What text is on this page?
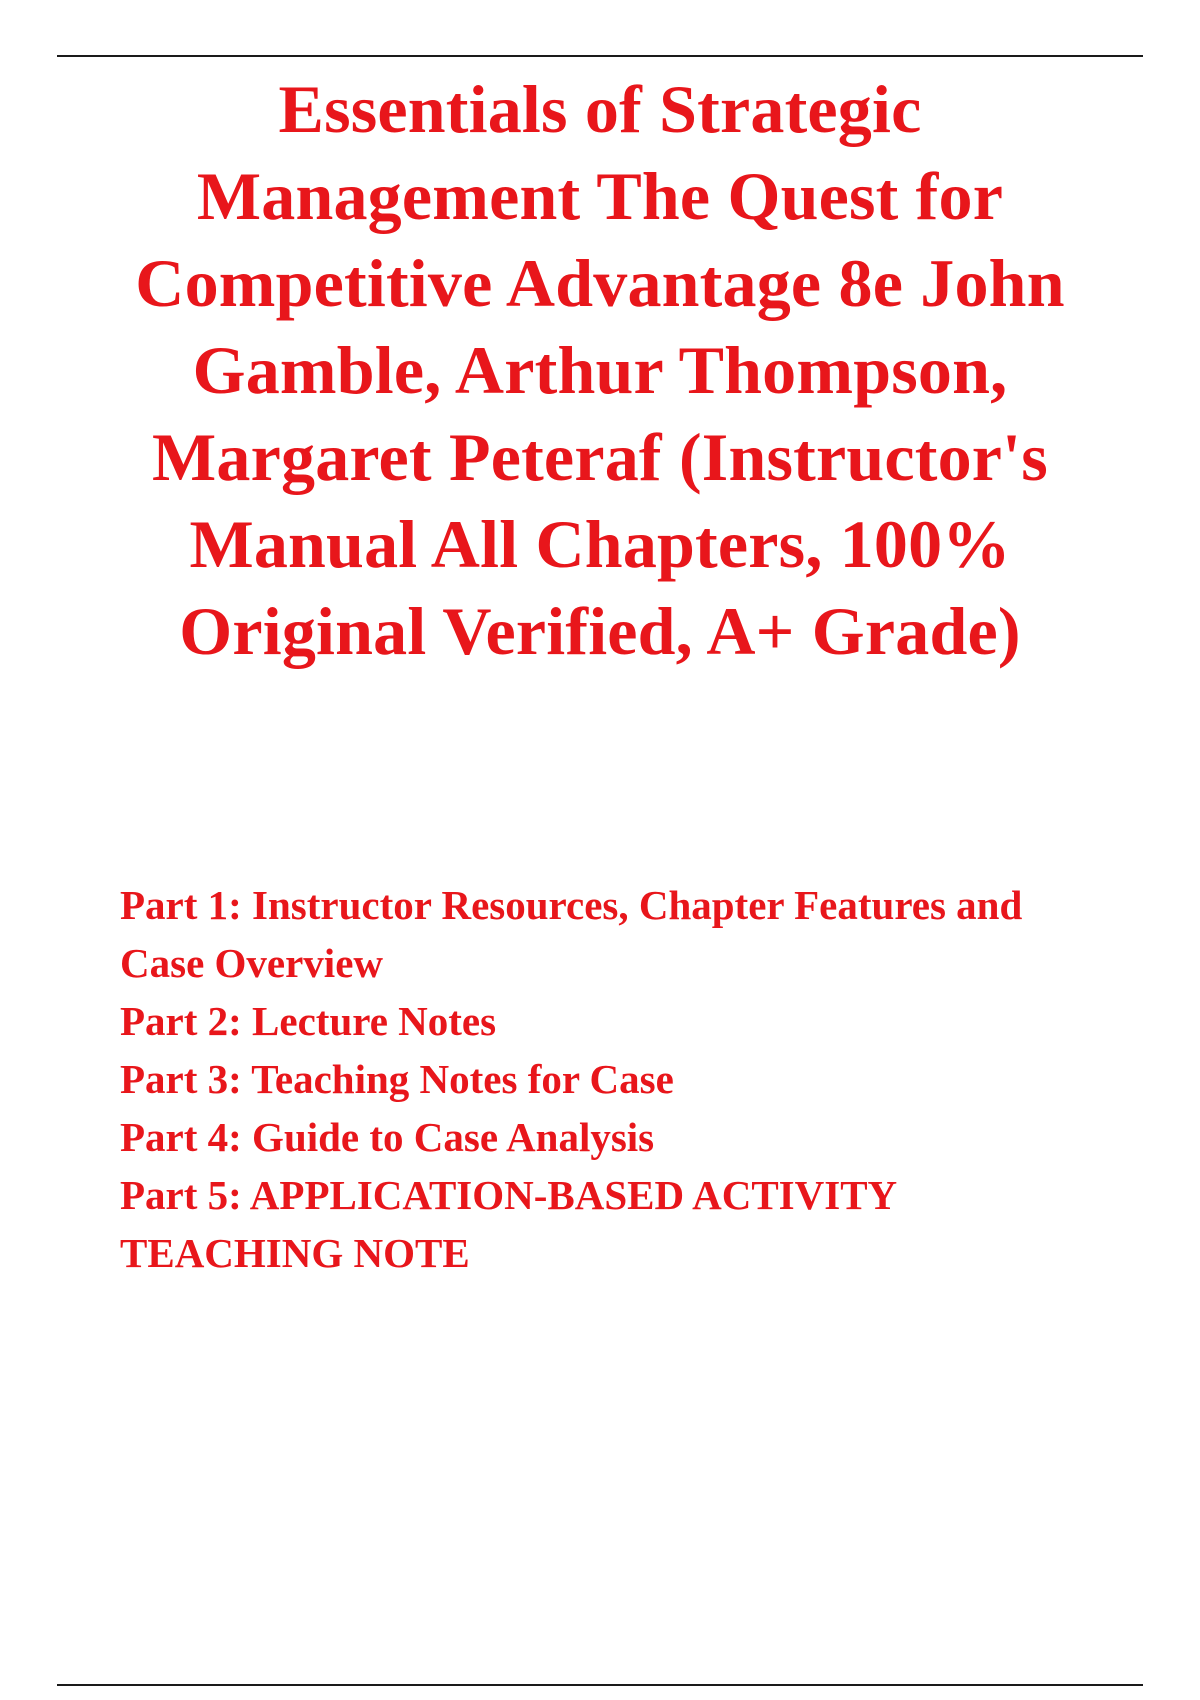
Essentials of Strategic Management The Quest for Competitive Advantage 8e John Gamble, Arthur Thompson, Margaret Peteraf (Instructor's Manual All Chapters, 100% Original Verified, A+ Grade)
Part 1: Instructor Resources, Chapter Features and Case Overview
Part 2: Lecture Notes
Part 3: Teaching Notes for Case
Part 4: Guide to Case Analysis
Part 5: APPLICATION-BASED ACTIVITY TEACHING NOTE
